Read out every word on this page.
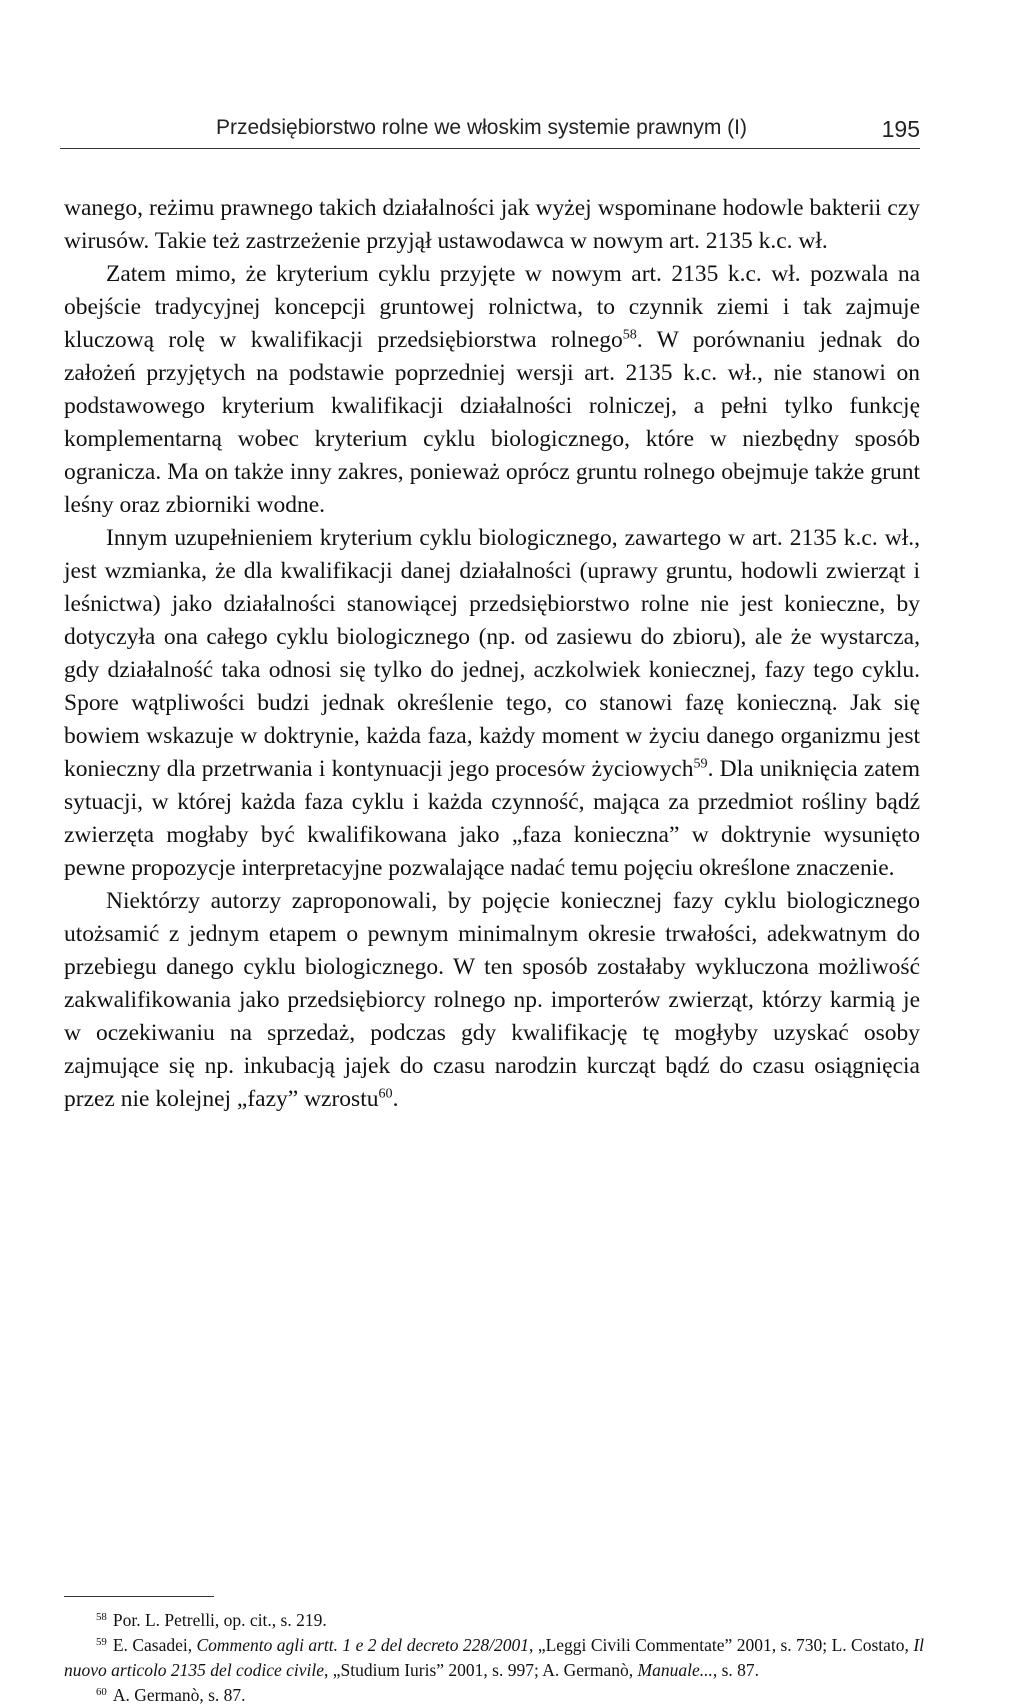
Przedsiębiorstwo rolne we włoskim systemie prawnym (I)	195

wanego, reżimu prawnego takich działalności jak wyżej wspominane hodowle bakterii czy wirusów. Takie też zastrzeżenie przyjął ustawodawca w nowym art. 2135 k.c. wł.

Zatem mimo, że kryterium cyklu przyjęte w nowym art. 2135 k.c. wł. pozwala na obejście tradycyjnej koncepcji gruntowej rolnictwa, to czynnik ziemi i tak zajmuje kluczową rolę w kwalifikacji przedsiębiorstwa rolnego$^{58}$. W porównaniu jednak do założeń przyjętych na podstawie poprzedniej wersji art. 2135 k.c. wł., nie stanowi on podstawowego kryterium kwalifikacji działalności rolniczej, a pełni tylko funkcję komplementarną wobec kryterium cyklu biologicznego, które w niezbędny sposób ogranicza. Ma on także inny zakres, ponieważ oprócz gruntu rolnego obejmuje także grunt leśny oraz zbiorniki wodne.

Innym uzupełnieniem kryterium cyklu biologicznego, zawartego w art. 2135 k.c. wł., jest wzmianka, że dla kwalifikacji danej działalności (uprawy gruntu, hodowli zwierząt i leśnictwa) jako działalności stanowiącej przedsiębiorstwo rolne nie jest konieczne, by dotyczyła ona całego cyklu biologicznego (np. od zasiewu do zbioru), ale że wystarcza, gdy działalność taka odnosi się tylko do jednej, aczkolwiek koniecznej, fazy tego cyklu. Spore wątpliwości budzi jednak określenie tego, co stanowi fazę konieczną. Jak się bowiem wskazuje w doktrynie, każda faza, każdy moment w życiu danego organizmu jest konieczny dla przetrwania i kontynuacji jego procesów życiowych$^{59}$. Dla uniknięcia zatem sytuacji, w której każda faza cyklu i każda czynność, mająca za przedmiot rośliny bądź zwierzęta mogłaby być kwalifikowana jako „faza konieczna” w doktrynie wysunięto pewne propozycje interpretacyjne pozwalające nadać temu pojęciu określone znaczenie.

Niektórzy autorzy zaproponowali, by pojęcie koniecznej fazy cyklu biologicznego utożsamić z jednym etapem o pewnym minimalnym okresie trwałości, adekwatnym do przebiegu danego cyklu biologicznego. W ten sposób zostałaby wykluczona możliwość zakwalifikowania jako przedsiębiorcy rolnego np. importerów zwierząt, którzy karmią je w oczekiwaniu na sprzedaż, podczas gdy kwalifikację tę mogłyby uzyskać osoby zajmujące się np. inkubacją jajek do czasu narodzin kurcząt bądź do czasu osiągnięcia przez nie kolejnej „fazy” wzrostu$^{60}$.

$^{58}$ Por. L. Petrelli, op. cit., s. 219.

$^{59}$ E. Casadei, Commento agli artt. 1 e 2 del decreto 228/2001, „Leggi Civili Commentate” 2001, s. 730; L. Costato, Il nuovo articolo 2135 del codice civile, „Studium Iuris” 2001, s. 997; A. Germanò, Manuale..., s. 87.

$^{60}$ A. Germanò, s. 87.
